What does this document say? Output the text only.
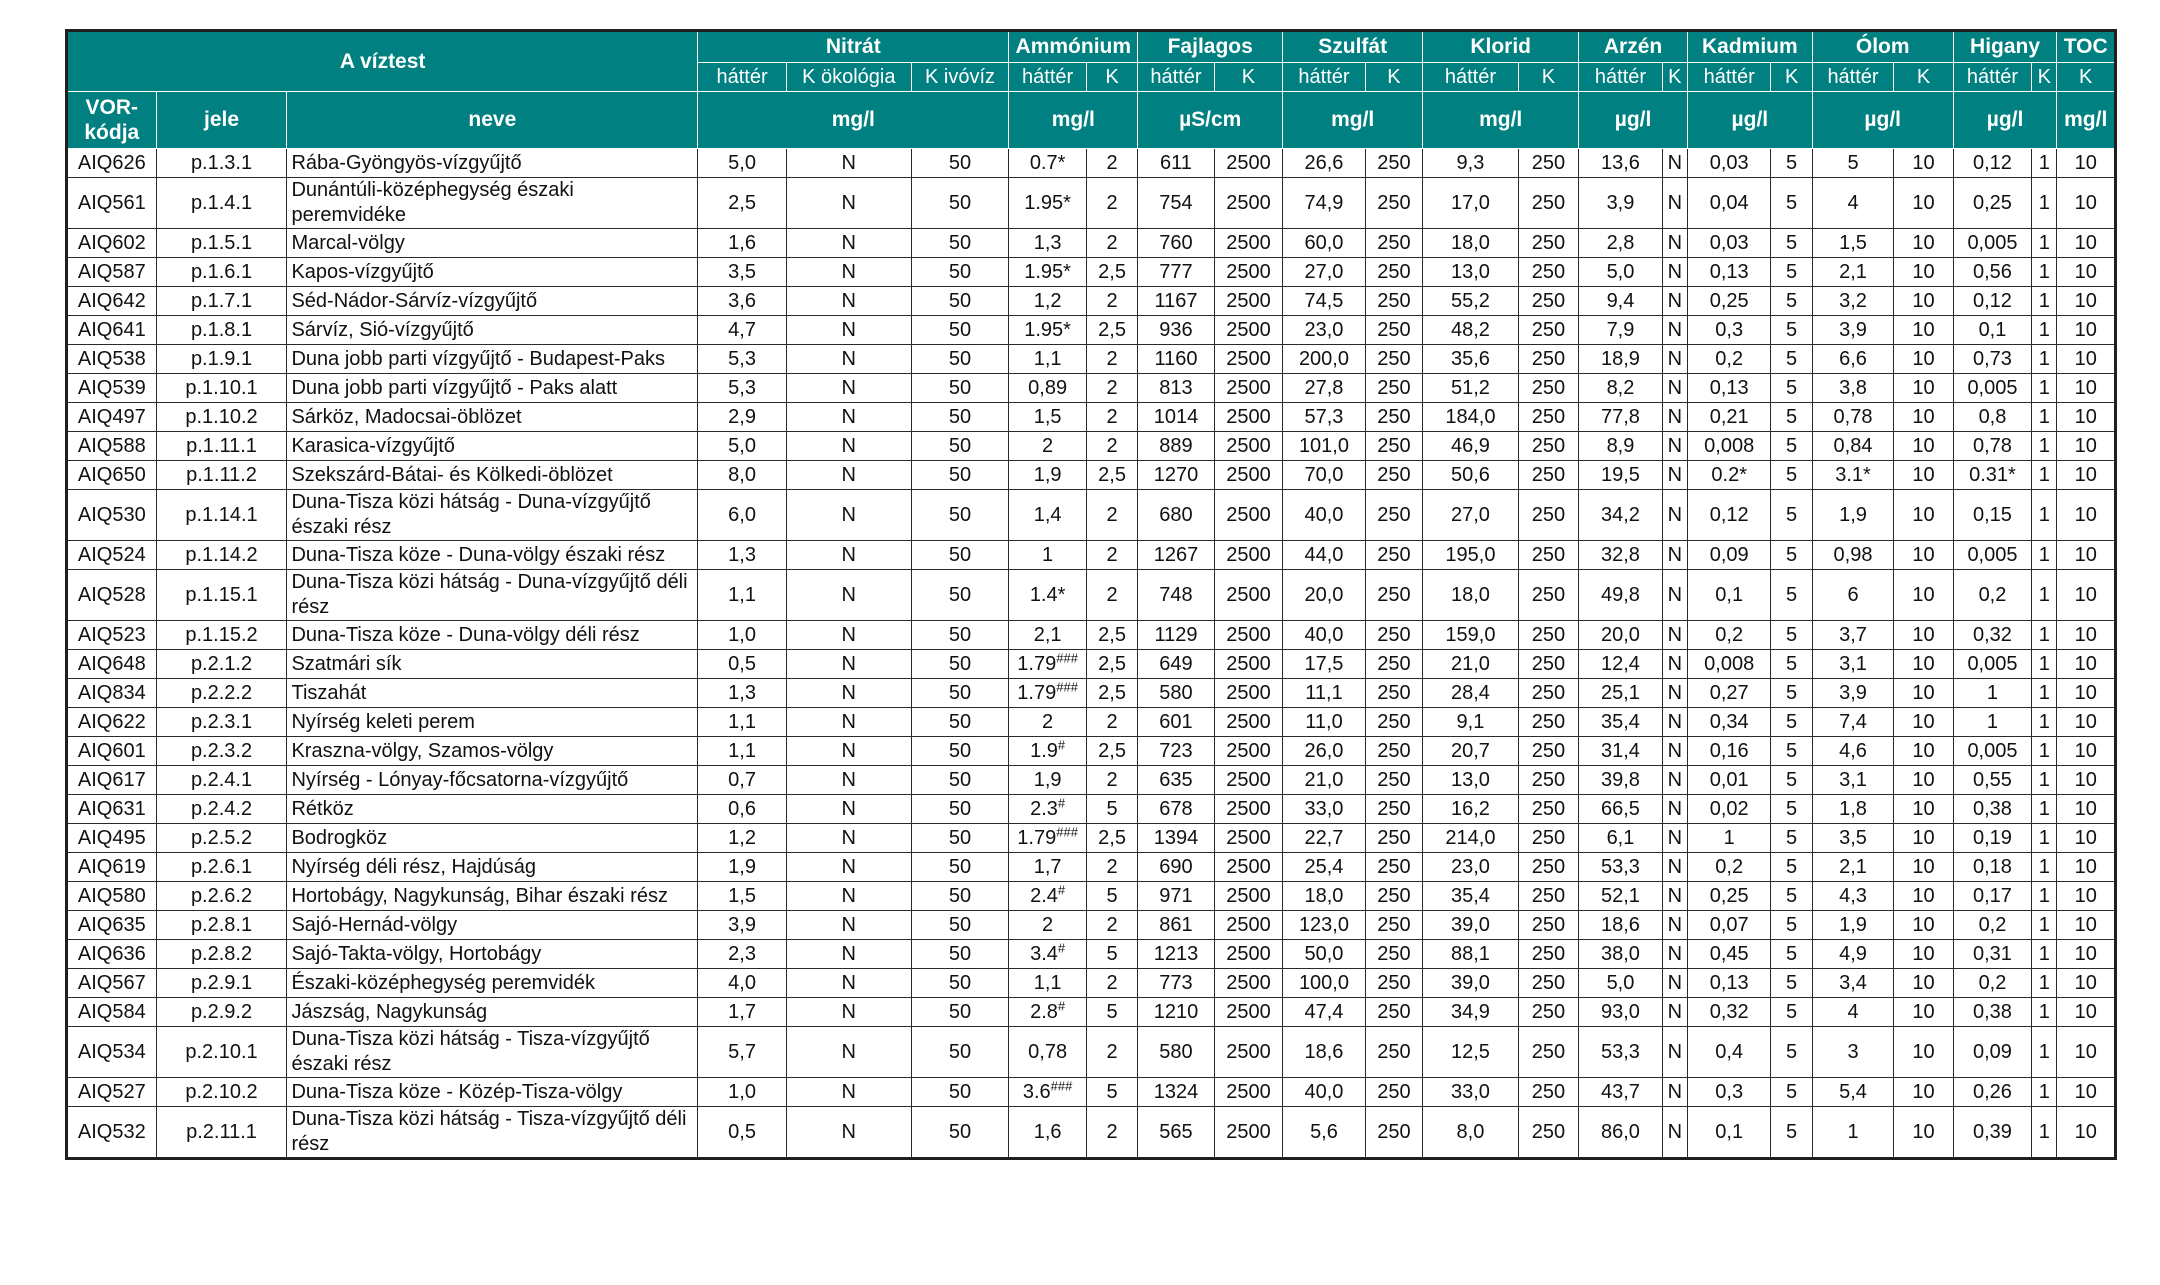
A víztest			Nitrát			Ammónium		Fajlagos		Szulfát		Klorid		Arzén		Kadmium		Ólom		Higany		TOC
			háttér	K ökológia	K ivóvíz	háttér	K	háttér	K	háttér	K	háttér	K	háttér	K	háttér	K	háttér	K	háttér	K	K
VOR-kódja	jele	neve	mg/l			mg/l		µS/cm		mg/l		mg/l		µg/l		µg/l		µg/l		µg/l		mg/l
AIQ626	p.1.3.1	Rába-Gyöngyös-vízgyűjtő	5,0	N	50	0.7*	2	611	2500	26,6	250	9,3	250	13,6	N	0,03	5	5	10	0,12	1	10
AIQ561	p.1.4.1	Dunántúli-középhegység északi peremvidéke	2,5	N	50	1.95*	2	754	2500	74,9	250	17,0	250	3,9	N	0,04	5	4	10	0,25	1	10
AIQ602	p.1.5.1	Marcal-völgy	1,6	N	50	1,3	2	760	2500	60,0	250	18,0	250	2,8	N	0,03	5	1,5	10	0,005	1	10
AIQ587	p.1.6.1	Kapos-vízgyűjtő	3,5	N	50	1.95*	2,5	777	2500	27,0	250	13,0	250	5,0	N	0,13	5	2,1	10	0,56	1	10
AIQ642	p.1.7.1	Séd-Nádor-Sárvíz-vízgyűjtő	3,6	N	50	1,2	2	1167	2500	74,5	250	55,2	250	9,4	N	0,25	5	3,2	10	0,12	1	10
AIQ641	p.1.8.1	Sárvíz, Sió-vízgyűjtő	4,7	N	50	1.95*	2,5	936	2500	23,0	250	48,2	250	7,9	N	0,3	5	3,9	10	0,1	1	10
AIQ538	p.1.9.1	Duna jobb parti vízgyűjtő - Budapest-Paks	5,3	N	50	1,1	2	1160	2500	200,0	250	35,6	250	18,9	N	0,2	5	6,6	10	0,73	1	10
AIQ539	p.1.10.1	Duna jobb parti vízgyűjtő - Paks alatt	5,3	N	50	0,89	2	813	2500	27,8	250	51,2	250	8,2	N	0,13	5	3,8	10	0,005	1	10
AIQ497	p.1.10.2	Sárköz, Madocsai-öblözet	2,9	N	50	1,5	2	1014	2500	57,3	250	184,0	250	77,8	N	0,21	5	0,78	10	0,8	1	10
AIQ588	p.1.11.1	Karasica-vízgyűjtő	5,0	N	50	2	2	889	2500	101,0	250	46,9	250	8,9	N	0,008	5	0,84	10	0,78	1	10
AIQ650	p.1.11.2	Szekszárd-Bátai- és Kölkedi-öblözet	8,0	N	50	1,9	2,5	1270	2500	70,0	250	50,6	250	19,5	N	0.2*	5	3.1*	10	0.31*	1	10
AIQ530	p.1.14.1	Duna-Tisza közi hátság - Duna-vízgyűjtő északi rész	6,0	N	50	1,4	2	680	2500	40,0	250	27,0	250	34,2	N	0,12	5	1,9	10	0,15	1	10
AIQ524	p.1.14.2	Duna-Tisza köze - Duna-völgy északi rész	1,3	N	50	1	2	1267	2500	44,0	250	195,0	250	32,8	N	0,09	5	0,98	10	0,005	1	10
AIQ528	p.1.15.1	Duna-Tisza közi hátság - Duna-vízgyűjtő déli rész	1,1	N	50	1.4*	2	748	2500	20,0	250	18,0	250	49,8	N	0,1	5	6	10	0,2	1	10
AIQ523	p.1.15.2	Duna-Tisza köze - Duna-völgy déli rész	1,0	N	50	2,1	2,5	1129	2500	40,0	250	159,0	250	20,0	N	0,2	5	3,7	10	0,32	1	10
AIQ648	p.2.1.2	Szatmári sík	0,5	N	50	1.79###	2,5	649	2500	17,5	250	21,0	250	12,4	N	0,008	5	3,1	10	0,005	1	10
AIQ834	p.2.2.2	Tiszahát	1,3	N	50	1.79###	2,5	580	2500	11,1	250	28,4	250	25,1	N	0,27	5	3,9	10	1	1	10
AIQ622	p.2.3.1	Nyírség keleti perem	1,1	N	50	2	2	601	2500	11,0	250	9,1	250	35,4	N	0,34	5	7,4	10	1	1	10
AIQ601	p.2.3.2	Kraszna-völgy, Szamos-völgy	1,1	N	50	1.9#	2,5	723	2500	26,0	250	20,7	250	31,4	N	0,16	5	4,6	10	0,005	1	10
AIQ617	p.2.4.1	Nyírség - Lónyay-főcsatorna-vízgyűjtő	0,7	N	50	1,9	2	635	2500	21,0	250	13,0	250	39,8	N	0,01	5	3,1	10	0,55	1	10
AIQ631	p.2.4.2	Rétköz	0,6	N	50	2.3#	5	678	2500	33,0	250	16,2	250	66,5	N	0,02	5	1,8	10	0,38	1	10
AIQ495	p.2.5.2	Bodrogköz	1,2	N	50	1.79###	2,5	1394	2500	22,7	250	214,0	250	6,1	N	1	5	3,5	10	0,19	1	10
AIQ619	p.2.6.1	Nyírség déli rész, Hajdúság	1,9	N	50	1,7	2	690	2500	25,4	250	23,0	250	53,3	N	0,2	5	2,1	10	0,18	1	10
AIQ580	p.2.6.2	Hortobágy, Nagykunság, Bihar északi rész	1,5	N	50	2.4#	5	971	2500	18,0	250	35,4	250	52,1	N	0,25	5	4,3	10	0,17	1	10
AIQ635	p.2.8.1	Sajó-Hernád-völgy	3,9	N	50	2	2	861	2500	123,0	250	39,0	250	18,6	N	0,07	5	1,9	10	0,2	1	10
AIQ636	p.2.8.2	Sajó-Takta-völgy, Hortobágy	2,3	N	50	3.4#	5	1213	2500	50,0	250	88,1	250	38,0	N	0,45	5	4,9	10	0,31	1	10
AIQ567	p.2.9.1	Északi-középhegység peremvidék	4,0	N	50	1,1	2	773	2500	100,0	250	39,0	250	5,0	N	0,13	5	3,4	10	0,2	1	10
AIQ584	p.2.9.2	Jászság, Nagykunság	1,7	N	50	2.8#	5	1210	2500	47,4	250	34,9	250	93,0	N	0,32	5	4	10	0,38	1	10
AIQ534	p.2.10.1	Duna-Tisza közi hátság - Tisza-vízgyűjtő északi rész	5,7	N	50	0,78	2	580	2500	18,6	250	12,5	250	53,3	N	0,4	5	3	10	0,09	1	10
AIQ527	p.2.10.2	Duna-Tisza köze - Közép-Tisza-völgy	1,0	N	50	3.6###	5	1324	2500	40,0	250	33,0	250	43,7	N	0,3	5	5,4	10	0,26	1	10
AIQ532	p.2.11.1	Duna-Tisza közi hátság - Tisza-vízgyűjtő déli rész	0,5	N	50	1,6	2	565	2500	5,6	250	8,0	250	86,0	N	0,1	5	1	10	0,39	1	10
